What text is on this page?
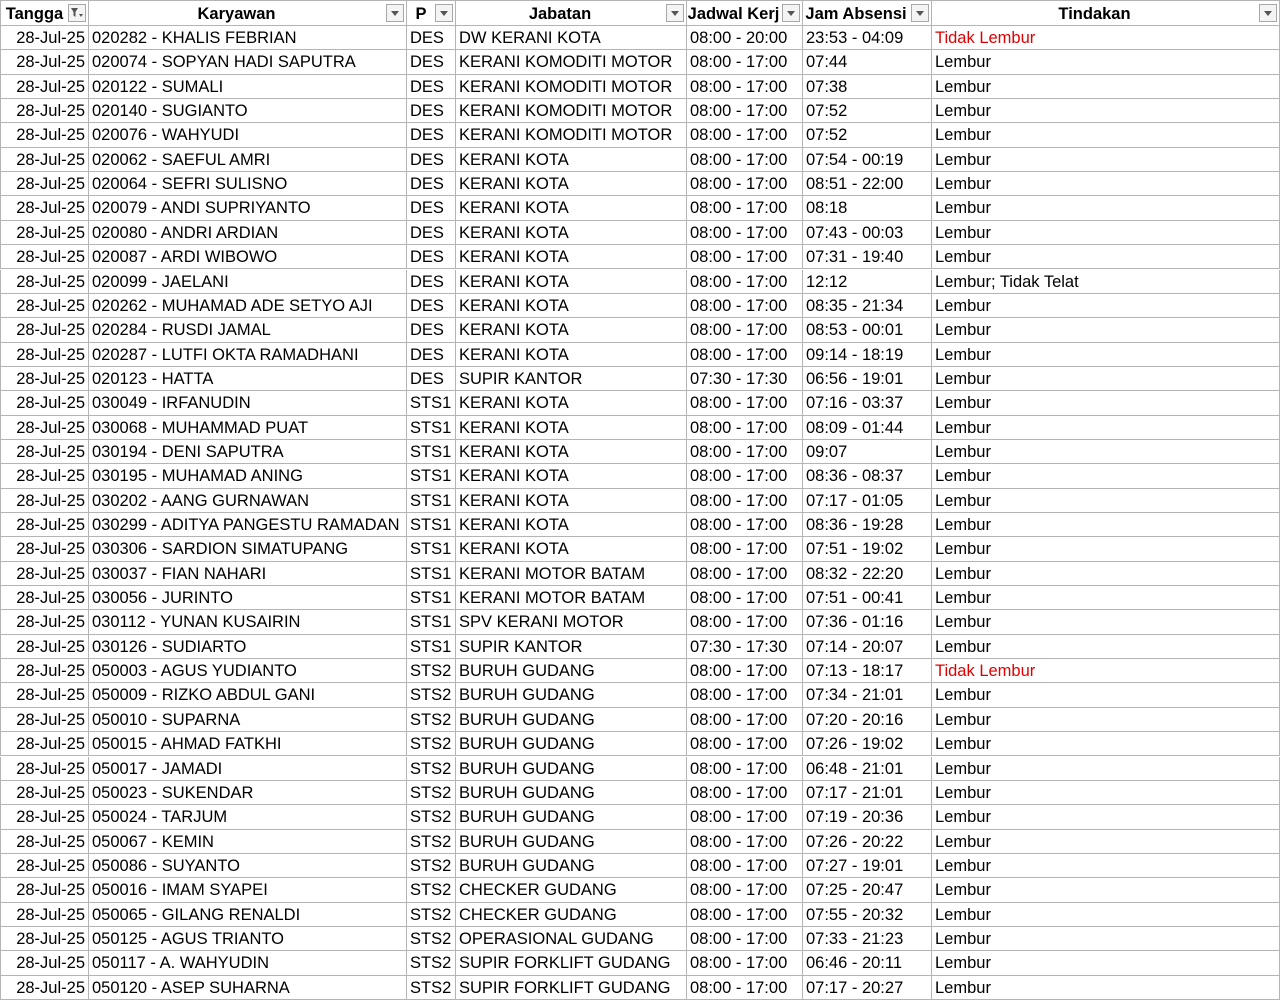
Tangga	Karyawan	P	Jabatan	Jadwal Kerj	Jam Absensi	Tindakan
28-Jul-25 020282 - KHALIS FEBRIAN	DES DW KERANI KOTA	08:00 - 20:00	23:53 - 04:09	Tidak Lembur
28-Jul-25 020074 - SOPYAN HADI SAPUTRA	DES KERANI KOMODITI MOTOR	08:00 - 17:00	07:44	Lembur
28-Jul-25 020122 - SUMALI	DES KERANI KOMODITI MOTOR	08:00 - 17:00	07:38	Lembur
28-Jul-25 020140 - SUGIANTO	DES KERANI KOMODITI MOTOR	08:00 - 17:00	07:52	Lembur
28-Jul-25 020076 - WAHYUDI	DES KERANI KOMODITI MOTOR	08:00 - 17:00	07:52	Lembur
28-Jul-25 020062 - SAEFUL AMRI	DES KERANI KOTA	08:00 - 17:00	07:54 - 00:19	Lembur
28-Jul-25 020064 - SEFRI SULISNO	DES KERANI KOTA	08:00 - 17:00	08:51 - 22:00	Lembur
28-Jul-25 020079 - ANDI SUPRIYANTO	DES KERANI KOTA	08:00 - 17:00	08:18	Lembur
28-Jul-25 020080 - ANDRI ARDIAN	DES KERANI KOTA	08:00 - 17:00	07:43 - 00:03	Lembur
28-Jul-25 020087 - ARDI WIBOWO	DES KERANI KOTA	08:00 - 17:00	07:31 - 19:40	Lembur
28-Jul-25 020099 - JAELANI	DES KERANI KOTA	08:00 - 17:00	12:12	Lembur; Tidak Telat
28-Jul-25 020262 - MUHAMAD ADE SETYO AJI	DES KERANI KOTA	08:00 - 17:00	08:35 - 21:34	Lembur
28-Jul-25 020284 - RUSDI JAMAL	DES KERANI KOTA	08:00 - 17:00	08:53 - 00:01	Lembur
28-Jul-25 020287 - LUTFI OKTA RAMADHANI	DES KERANI KOTA	08:00 - 17:00	09:14 - 18:19	Lembur
28-Jul-25 020123 - HATTA	DES SUPIR KANTOR	07:30 - 17:30	06:56 - 19:01	Lembur
28-Jul-25 030049 - IRFANUDIN	STS1 KERANI KOTA	08:00 - 17:00	07:16 - 03:37	Lembur
28-Jul-25 030068 - MUHAMMAD PUAT	STS1 KERANI KOTA	08:00 - 17:00	08:09 - 01:44	Lembur
28-Jul-25 030194 - DENI SAPUTRA	STS1 KERANI KOTA	08:00 - 17:00	09:07	Lembur
28-Jul-25 030195 - MUHAMAD ANING	STS1 KERANI KOTA	08:00 - 17:00	08:36 - 08:37	Lembur
28-Jul-25 030202 - AANG GURNAWAN	STS1 KERANI KOTA	08:00 - 17:00	07:17 - 01:05	Lembur
28-Jul-25 030299 - ADITYA PANGESTU RAMADAN STS1 KERANI KOTA	08:00 - 17:00	08:36 - 19:28	Lembur
28-Jul-25 030306 - SARDION SIMATUPANG	STS1 KERANI KOTA	08:00 - 17:00	07:51 - 19:02	Lembur
28-Jul-25 030037 - FIAN NAHARI	STS1 KERANI MOTOR BATAM	08:00 - 17:00	08:32 - 22:20	Lembur
28-Jul-25 030056 - JURINTO	STS1 KERANI MOTOR BATAM	08:00 - 17:00	07:51 - 00:41	Lembur
28-Jul-25 030112 - YUNAN KUSAIRIN	STS1 SPV KERANI MOTOR	08:00 - 17:00	07:36 - 01:16	Lembur
28-Jul-25 030126 - SUDIARTO	STS1 SUPIR KANTOR	07:30 - 17:30	07:14 - 20:07	Lembur
28-Jul-25 050003 - AGUS YUDIANTO	STS2 BURUH GUDANG	08:00 - 17:00	07:13 - 18:17	Tidak Lembur
28-Jul-25 050009 - RIZKO ABDUL GANI	STS2 BURUH GUDANG	08:00 - 17:00	07:34 - 21:01	Lembur
28-Jul-25 050010 - SUPARNA	STS2 BURUH GUDANG	08:00 - 17:00	07:20 - 20:16	Lembur
28-Jul-25 050015 - AHMAD FATKHI	STS2 BURUH GUDANG	08:00 - 17:00	07:26 - 19:02	Lembur
28-Jul-25 050017 - JAMADI	STS2 BURUH GUDANG	08:00 - 17:00	06:48 - 21:01	Lembur
28-Jul-25 050023 - SUKENDAR	STS2 BURUH GUDANG	08:00 - 17:00	07:17 - 21:01	Lembur
28-Jul-25 050024 - TARJUM	STS2 BURUH GUDANG	08:00 - 17:00	07:19 - 20:36	Lembur
28-Jul-25 050067 - KEMIN	STS2 BURUH GUDANG	08:00 - 17:00	07:26 - 20:22	Lembur
28-Jul-25 050086 - SUYANTO	STS2 BURUH GUDANG	08:00 - 17:00	07:27 - 19:01	Lembur
28-Jul-25 050016 - IMAM SYAPEI	STS2 CHECKER GUDANG	08:00 - 17:00	07:25 - 20:47	Lembur
28-Jul-25 050065 - GILANG RENALDI	STS2 CHECKER GUDANG	08:00 - 17:00	07:55 - 20:32	Lembur
28-Jul-25 050125 - AGUS TRIANTO	STS2 OPERASIONAL GUDANG	08:00 - 17:00	07:33 - 21:23	Lembur
28-Jul-25 050117 - A. WAHYUDIN	STS2 SUPIR FORKLIFT GUDANG	08:00 - 17:00	06:46 - 20:11	Lembur
28-Jul-25 050120 - ASEP SUHARNA	STS2 SUPIR FORKLIFT GUDANG	08:00 - 17:00	07:17 - 20:27	Lembur
